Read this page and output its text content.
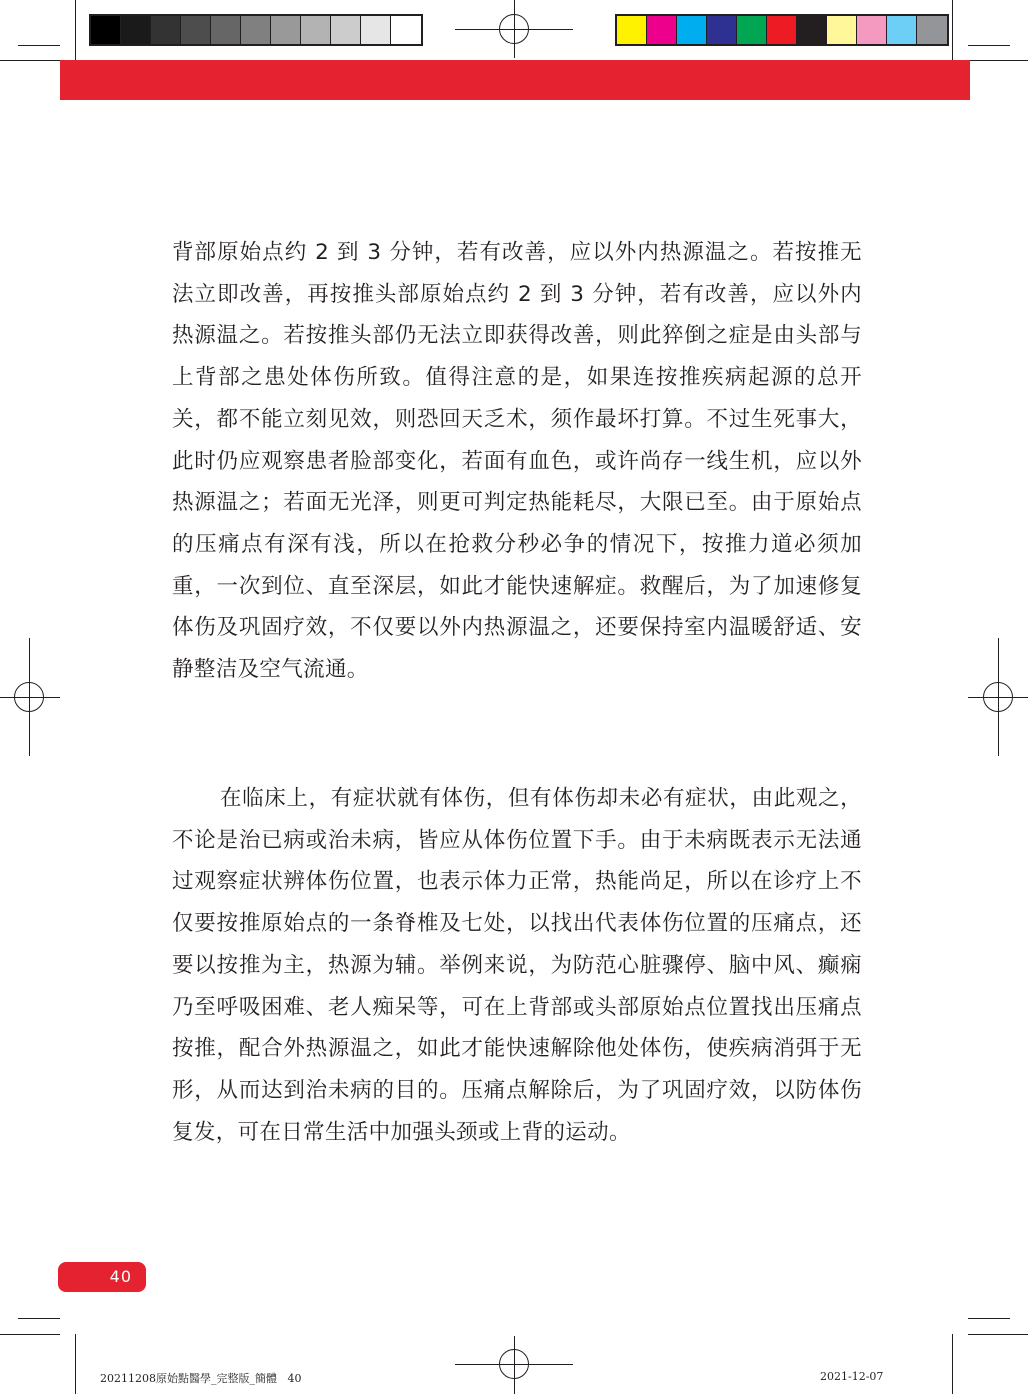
背部原始点约 2 到 3 分钟，若有改善，应以外内热源温之。若按推无法立即改善，再按推头部原始点约 2 到 3 分钟，若有改善，应以外内热源温之。若按推头部仍无法立即获得改善，则此猝倒之症是由头部与上背部之患处体伤所致。值得注意的是，如果连按推疾病起源的总开关，都不能立刻见效，则恐回天乏术，须作最坏打算。不过生死事大，此时仍应观察患者脸部变化，若面有血色，或许尚存一线生机，应以外热源温之；若面无光泽，则更可判定热能耗尽，大限已至。由于原始点的压痛点有深有浅，所以在抢救分秒必争的情况下，按推力道必须加重，一次到位、直至深层，如此才能快速解症。救醒后，为了加速修复体伤及巩固疗效，不仅要以外内热源温之，还要保持室内温暖舒适、安静整洁及空气流通。

在临床上，有症状就有体伤，但有体伤却未必有症状，由此观之，不论是治已病或治未病，皆应从体伤位置下手。由于未病既表示无法通过观察症状辨体伤位置，也表示体力正常，热能尚足，所以在诊疗上不仅要按推原始点的一条脊椎及七处，以找出代表体伤位置的压痛点，还要以按推为主，热源为辅。举例来说，为防范心脏骤停、脑中风、癫痫乃至呼吸困难、老人痴呆等，可在上背部或头部原始点位置找出压痛点按推，配合外热源温之，如此才能快速解除他处体伤，使疾病消弭于无形，从而达到治未病的目的。压痛点解除后，为了巩固疗效，以防体伤复发，可在日常生活中加强头颈或上背的运动。

40
20211208原始點醫學_完整版_簡體   40	2021-12-07
